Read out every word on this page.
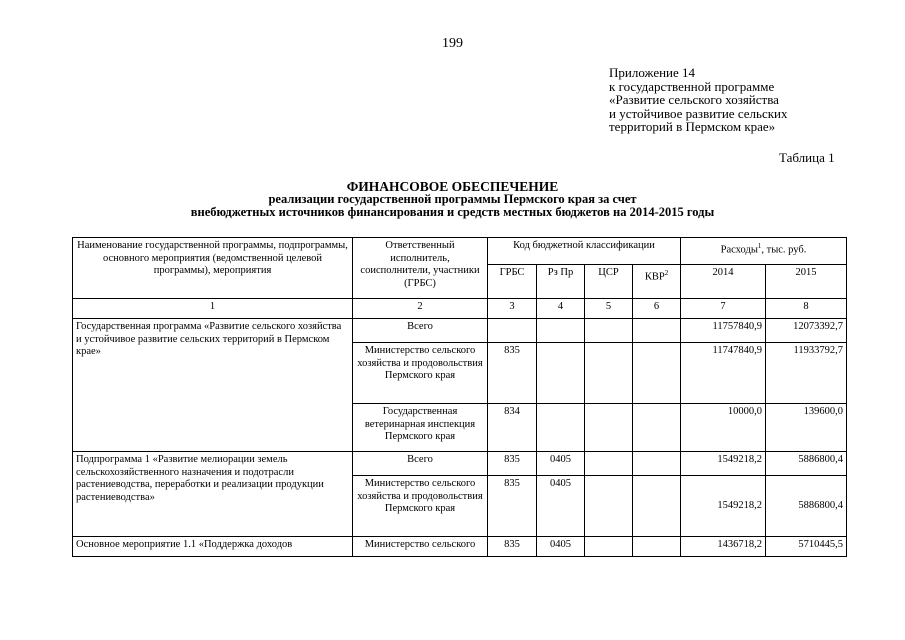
199
Приложение 14
к государственной программе
«Развитие сельского хозяйства
и устойчивое развитие сельских
территорий в Пермском крае»
Таблица 1
ФИНАНСОВОЕ ОБЕСПЕЧЕНИЕ
реализации государственной программы Пермского края за счет
внебюджетных источников финансирования и средств местных бюджетов на 2014-2015 годы
Наименование государственной программы, подпрограммы, основного мероприятия (ведомственной целевой программы), мероприятия	Ответственный исполнитель, соисполнители, участники (ГРБС)	Код бюджетной классификации				Расходы$^1$, тыс. руб.	
		ГРБС	Рз Пр	ЦСР	КВР$^2$	2014	2015
1	2	3	4	5	6	7	8
Государственная программа «Развитие сельского хозяйства и устойчивое развитие сельских территорий в Пермском крае»	Всего					11757840,9	12073392,7
	Министерство сельского хозяйства и продовольствия Пермского края	835				11747840,9	11933792,7
	Государственная ветеринарная инспекция Пермского края	834				10000,0	139600,0
Подпрограмма 1 «Развитие мелиорации земель сельскохозяйственного назначения и подотрасли растениеводства, переработки и реализации продукции растениеводства»	Всего	835	0405			1549218,2	5886800,4
	Министерство сельского хозяйства и продовольствия Пермского края	835	0405			1549218,2	5886800,4
Основное мероприятие 1.1 «Поддержка доходов	Министерство сельского	835	0405			1436718,2	5710445,5
